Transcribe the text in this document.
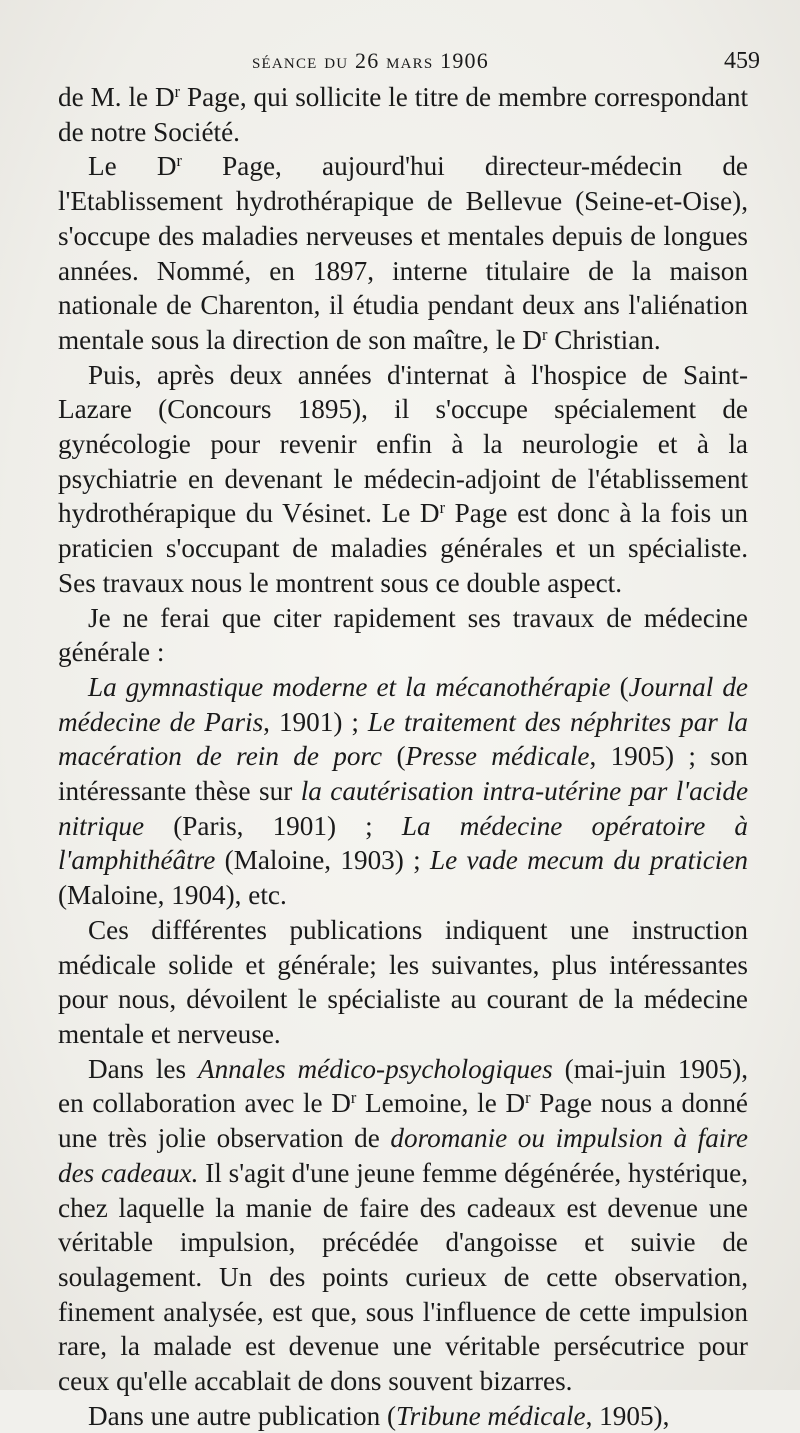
séance du 26 mars 1906	459

de M. le $D^r$ Page, qui sollicite le titre de membre correspondant de notre Société.

Le $D^r$ Page, aujourd'hui directeur-médecin de l'Etablissement hydrothérapique de Bellevue (Seine-et-Oise), s'occupe des maladies nerveuses et mentales depuis de longues années. Nommé, en 1897, interne titulaire de la maison nationale de Charenton, il étudia pendant deux ans l'aliénation mentale sous la direction de son maître, le $D^r$ Christian.

Puis, après deux années d'internat à l'hospice de Saint-Lazare (Concours 1895), il s'occupe spécialement de gynécologie pour revenir enfin à la neurologie et à la psychiatrie en devenant le médecin-adjoint de l'établissement hydrothérapique du Vésinet. Le $D^r$ Page est donc à la fois un praticien s'occupant de maladies générales et un spécialiste. Ses travaux nous le montrent sous ce double aspect.

Je ne ferai que citer rapidement ses travaux de médecine générale :

La gymnastique moderne et la mécanothérapie (Journal de médecine de Paris, 1901) ; Le traitement des néphrites par la macération de rein de porc (Presse médicale, 1905) ; son intéressante thèse sur la cautérisation intra-utérine par l'acide nitrique (Paris, 1901) ; La médecine opératoire à l'amphithéâtre (Maloine, 1903) ; Le vade mecum du praticien (Maloine, 1904), etc.

Ces différentes publications indiquent une instruction médicale solide et générale; les suivantes, plus intéressantes pour nous, dévoilent le spécialiste au courant de la médecine mentale et nerveuse.

Dans les Annales médico-psychologiques (mai-juin 1905), en collaboration avec le $D^r$ Lemoine, le $D^r$ Page nous a donné une très jolie observation de doromanie ou impulsion à faire des cadeaux. Il s'agit d'une jeune femme dégénérée, hystérique, chez laquelle la manie de faire des cadeaux est devenue une véritable impulsion, précédée d'angoisse et suivie de soulagement. Un des points curieux de cette observation, finement analysée, est que, sous l'influence de cette impulsion rare, la malade est devenue une véritable persécutrice pour ceux qu'elle accablait de dons souvent bizarres.

Dans une autre publication (Tribune médicale, 1905),
